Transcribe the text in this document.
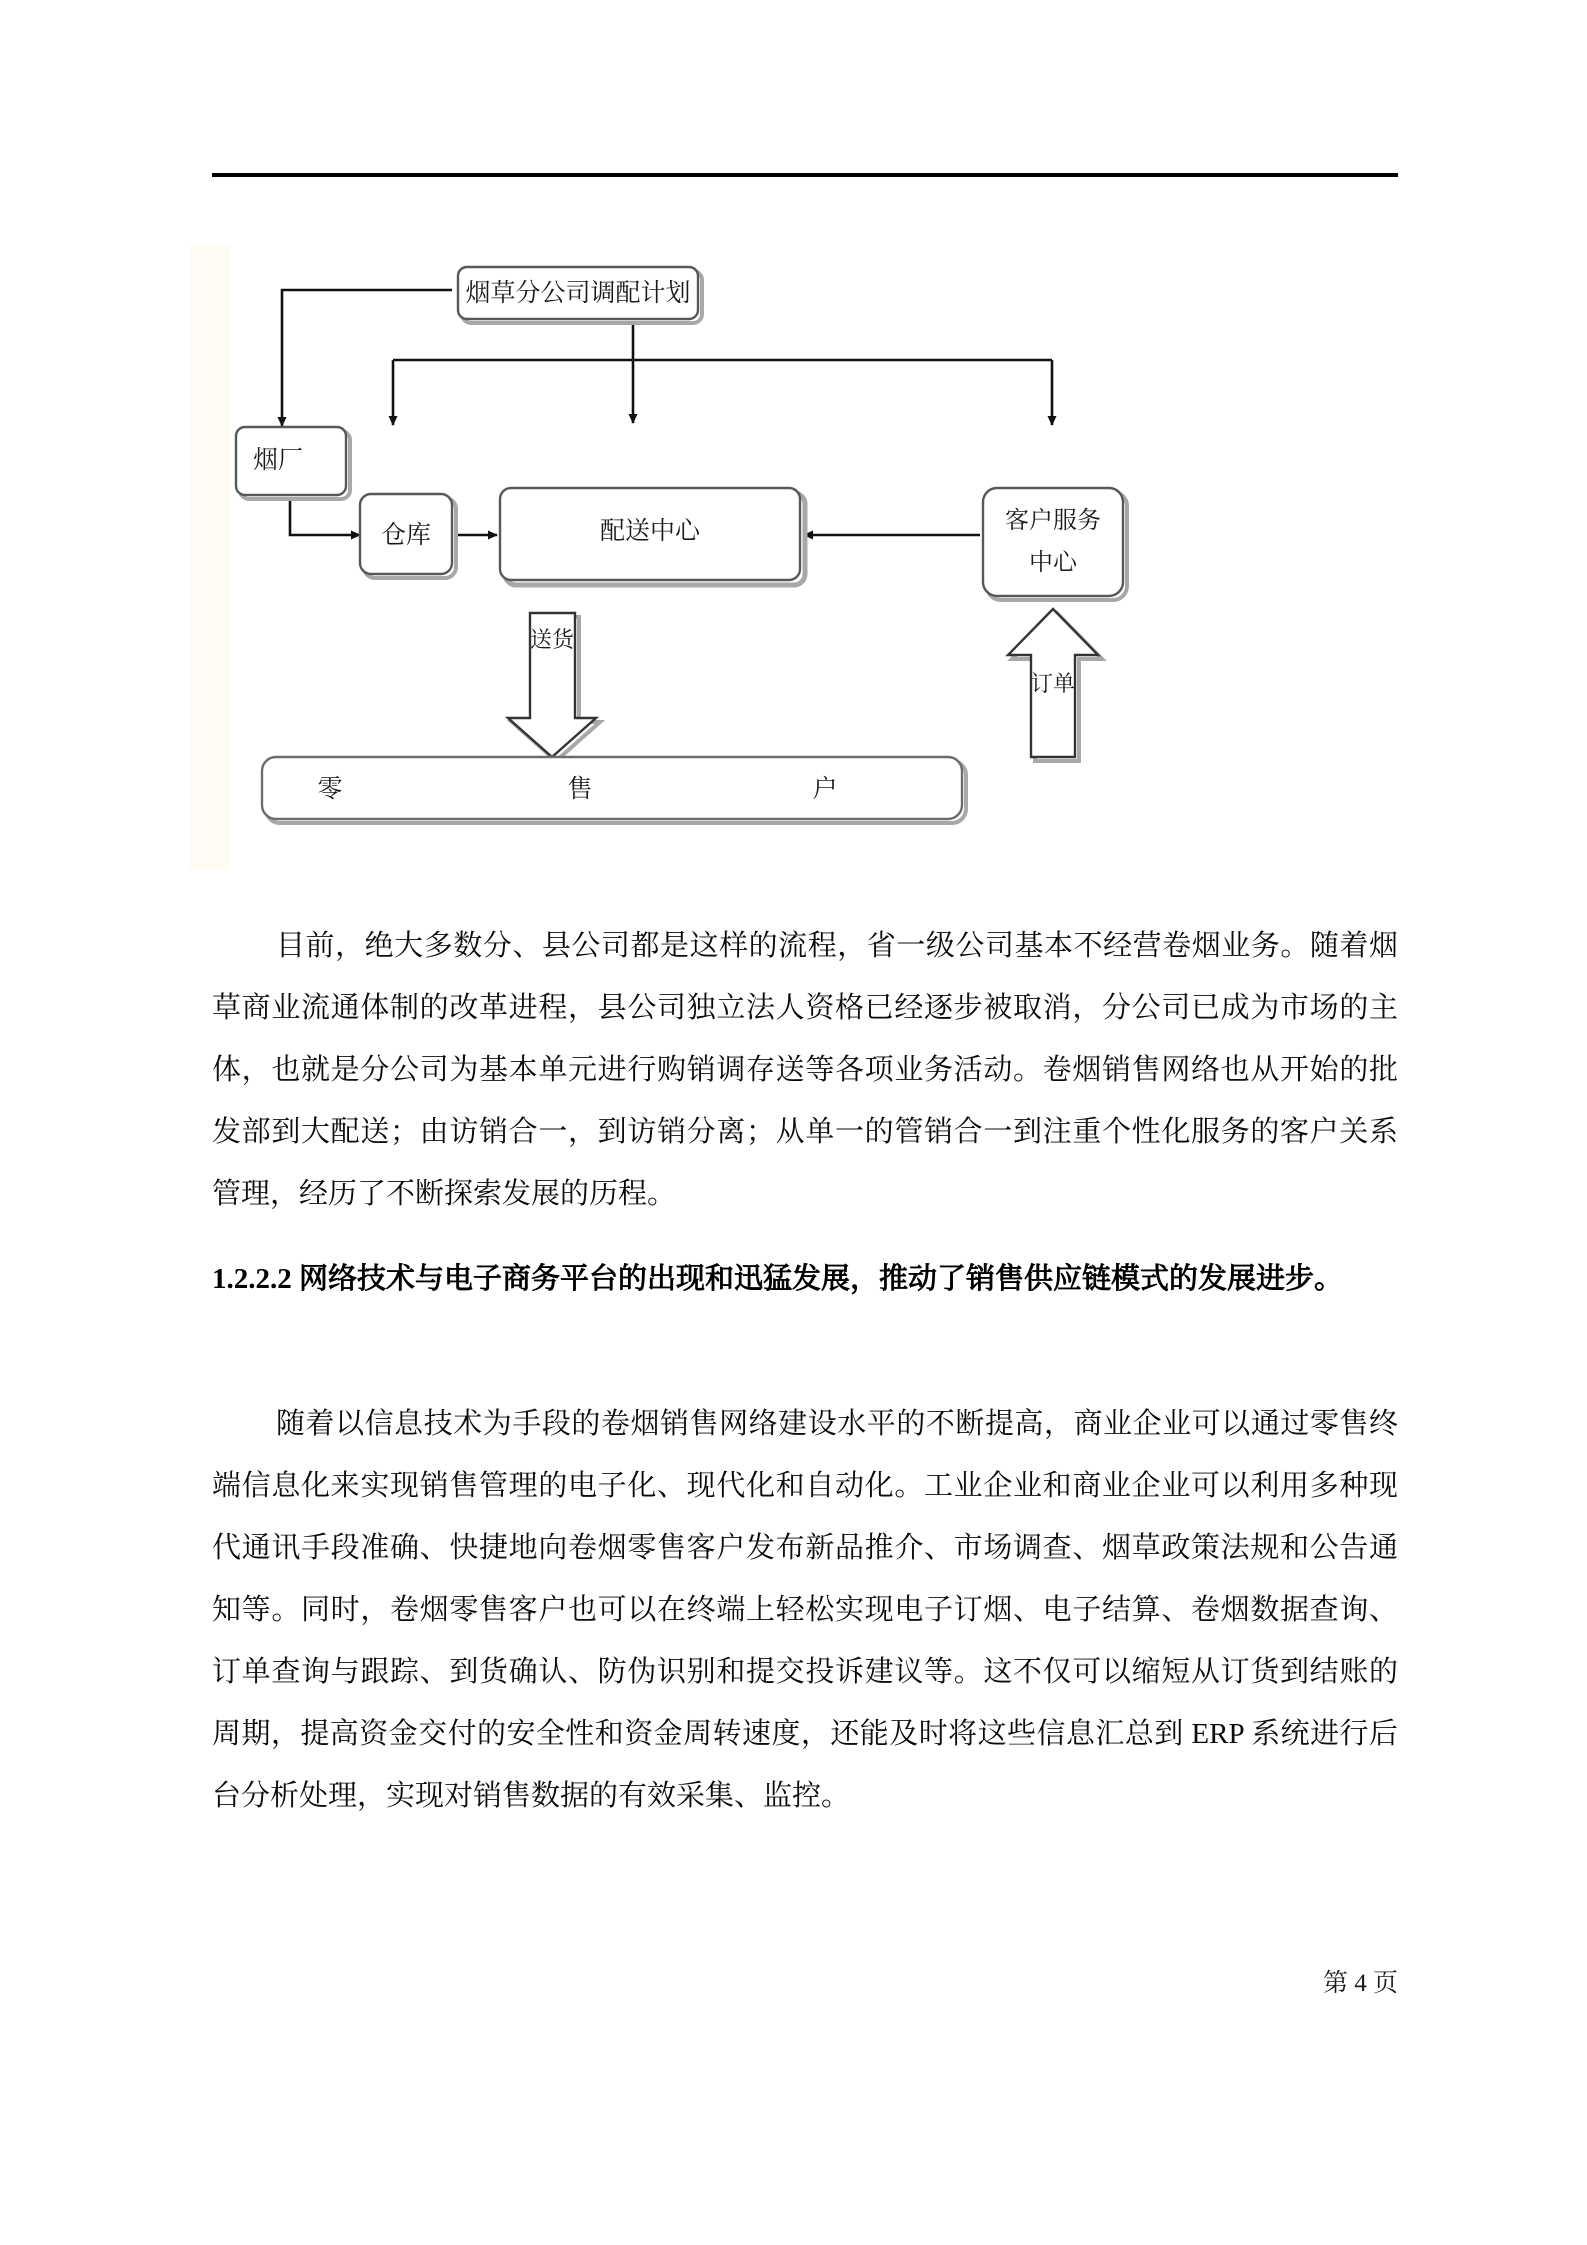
烟草分公司调配计划
烟厂
仓库	配送中心	客户服务
中心
送货
订单
零	售	户
目前，绝大多数分、县公司都是这样的流程，省一级公司基本不经营卷烟业务。随着烟草商业流通体制的改革进程，县公司独立法人资格已经逐步被取消，分公司已成为市场的主体，也就是分公司为基本单元进行购销调存送等各项业务活动。卷烟销售网络也从开始的批发部到大配送；由访销合一，到访销分离；从单一的管销合一到注重个性化服务的客户关系管理，经历了不断探索发展的历程。
1.2.2.2 网络技术与电子商务平台的出现和迅猛发展，推动了销售供应链模式的发展进步。
随着以信息技术为手段的卷烟销售网络建设水平的不断提高，商业企业可以通过零售终端信息化来实现销售管理的电子化、现代化和自动化。工业企业和商业企业可以利用多种现代通讯手段准确、快捷地向卷烟零售客户发布新品推介、市场调查、烟草政策法规和公告通知等。同时，卷烟零售客户也可以在终端上轻松实现电子订烟、电子结算、卷烟数据查询、订单查询与跟踪、到货确认、防伪识别和提交投诉建议等。这不仅可以缩短从订货到结账的周期，提高资金交付的安全性和资金周转速度，还能及时将这些信息汇总到 ERP 系统进行后台分析处理，实现对销售数据的有效采集、监控。
第 4 页
